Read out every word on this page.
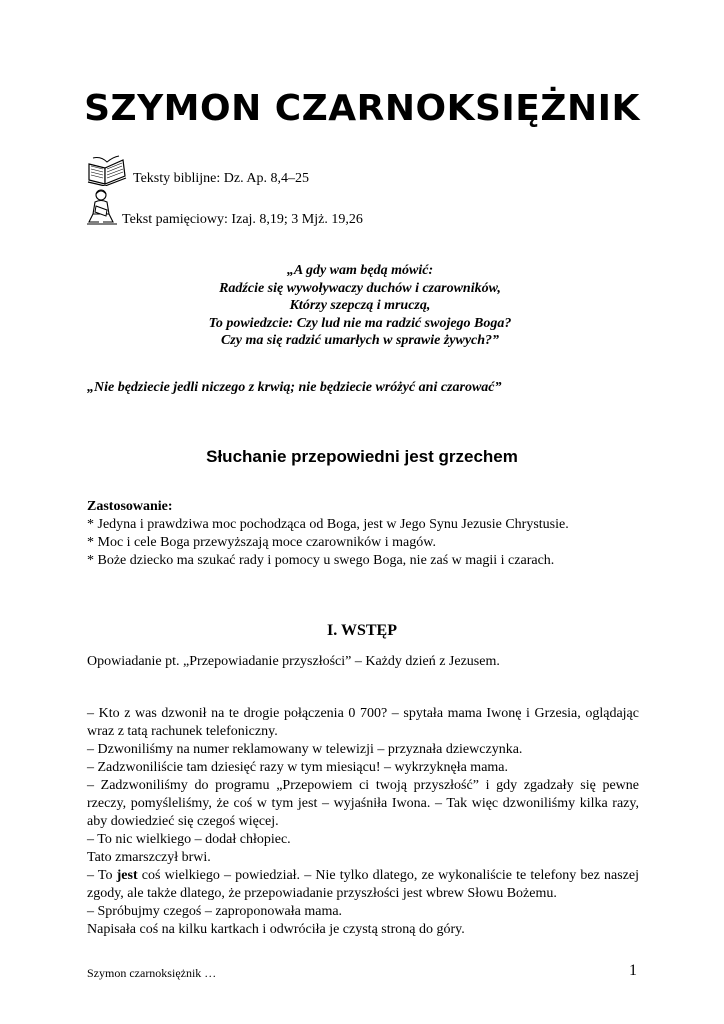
SZYMON CZARNOKSIĘŻNIK
Teksty biblijne: Dz. Ap. 8,4–25
Tekst pamięciowy: Izaj. 8,19; 3 Mjż. 19,26
„A gdy wam będą mówić:
Radźcie się wywoływaczy duchów i czarowników,
Którzy szepczą i mruczą,
To powiedzcie: Czy lud nie ma radzić swojego Boga?
Czy ma się radzić umarłych w sprawie żywych?”
„Nie będziecie jedli niczego z krwią; nie będziecie wróżyć ani czarować”
Słuchanie przepowiedni jest grzechem
Zastosowanie:
* Jedyna i prawdziwa moc pochodząca od Boga, jest w Jego Synu Jezusie Chrystusie.
* Moc i cele Boga przewyższają moce czarowników i magów.
* Boże dziecko ma szukać rady i pomocy u swego Boga, nie zaś w magii i czarach.
I. WSTĘP
Opowiadanie pt. „Przepowiadanie przyszłości” – Każdy dzień z Jezusem.

– Kto z was dzwonił na te drogie połączenia 0 700? – spytała mama Iwonę i Grzesia, oglądając wraz z tatą rachunek telefoniczny.

– Dzwoniliśmy na numer reklamowany w telewizji – przyznała dziewczynka.

– Zadzwoniliście tam dziesięć razy w tym miesiącu! – wykrzyknęła mama.

– Zadzwoniliśmy do programu „Przepowiem ci twoją przyszłość” i gdy zgadzały się pewne rzeczy, pomyśleliśmy, że coś w tym jest – wyjaśniła Iwona. – Tak więc dzwoniliśmy kilka razy, aby dowiedzieć się czegoś więcej.

– To nic wielkiego – dodał chłopiec.

Tato zmarszczył brwi.

– To jest coś wielkiego – powiedział. – Nie tylko dlatego, ze wykonaliście te telefony bez naszej zgody, ale także dlatego, że przepowiadanie przyszłości jest wbrew Słowu Bożemu.

– Spróbujmy czegoś – zaproponowała mama.

Napisała coś na kilku kartkach i odwróciła je czystą stroną do góry.

Szymon czarnoksiężnik …	1
